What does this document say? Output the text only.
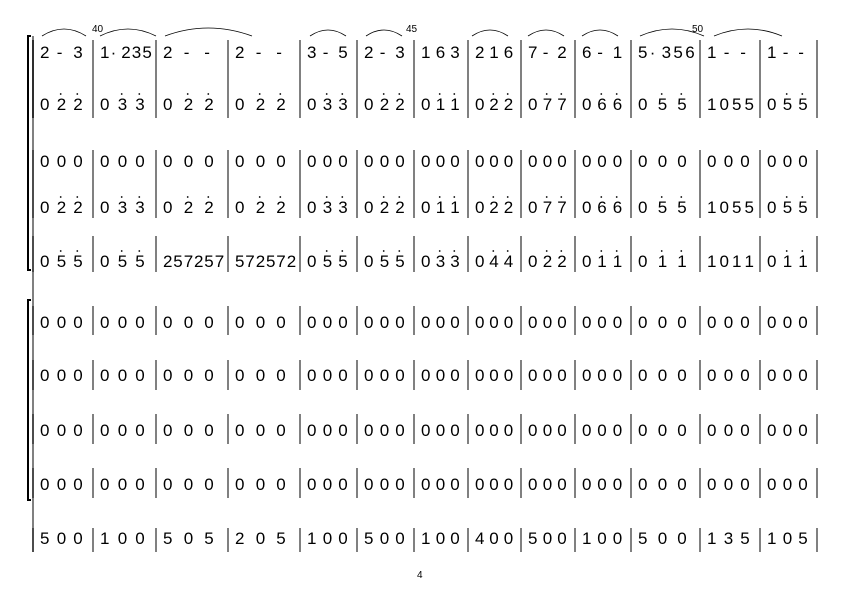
40	45	50
4
2 - 3 1 · 2 3 5 2 - - 2 - - 3 - 5 2 - 3 1 6 3 2 1 6 7 - 2 6 - 1 5 · 3 5 6 1 - - 1 - -
0 2 2 0 3 3 0 2 2 0 2 2 0 3 3 0 2 2 0 1 1 0 2 2 0 7 7 0 6 6 0 5 5 1 0 5 5 0 5 5
0 2 2 0 3 3 0 2 2 0 2 2 0 3 3 0 2 2 0 1 1 0 2 2 0 7 7 0 6 6 0 5 5 1 0 5 5 0 5 5
0 0 0 0 0 0 0 0 0 0 0 0 0 0 0 0 0 0 0 0 0 0 0 0 0 0 0 0 0 0 0 0 0 0 0 0 0 0 0
0 5 5 0 5 5 2 5 7 2 5 7 5 7 2 5 7 2 0 5 5 0 5 5 0 3 3 0 4 4 0 2 2 0 1 1 0 1 1 1 0 1 1 0 1 1
0 0 0 0 0 0 0 0 0 0 0 0 0 0 0 0 0 0 0 0 0 0 0 0 0 0 0 0 0 0 0 0 0 0 0 0 0 0 0
0 0 0 0 0 0 0 0 0 0 0 0 0 0 0 0 0 0 0 0 0 0 0 0 0 0 0 0 0 0 0 0 0 0 0 0 0 0 0
0 0 0 0 0 0 0 0 0 0 0 0 0 0 0 0 0 0 0 0 0 0 0 0 0 0 0 0 0 0 0 0 0 0 0 0 0 0 0
0 0 0 0 0 0 0 0 0 0 0 0 0 0 0 0 0 0 0 0 0 0 0 0 0 0 0 0 0 0 0 0 0 0 0 0 0 0 0
5 0 0 1 0 0 5 0 5 2 0 5 1 0 0 5 0 0 1 0 0 4 0 0 5 0 0 1 0 0 5 0 0 1 3 5 1 0 5
